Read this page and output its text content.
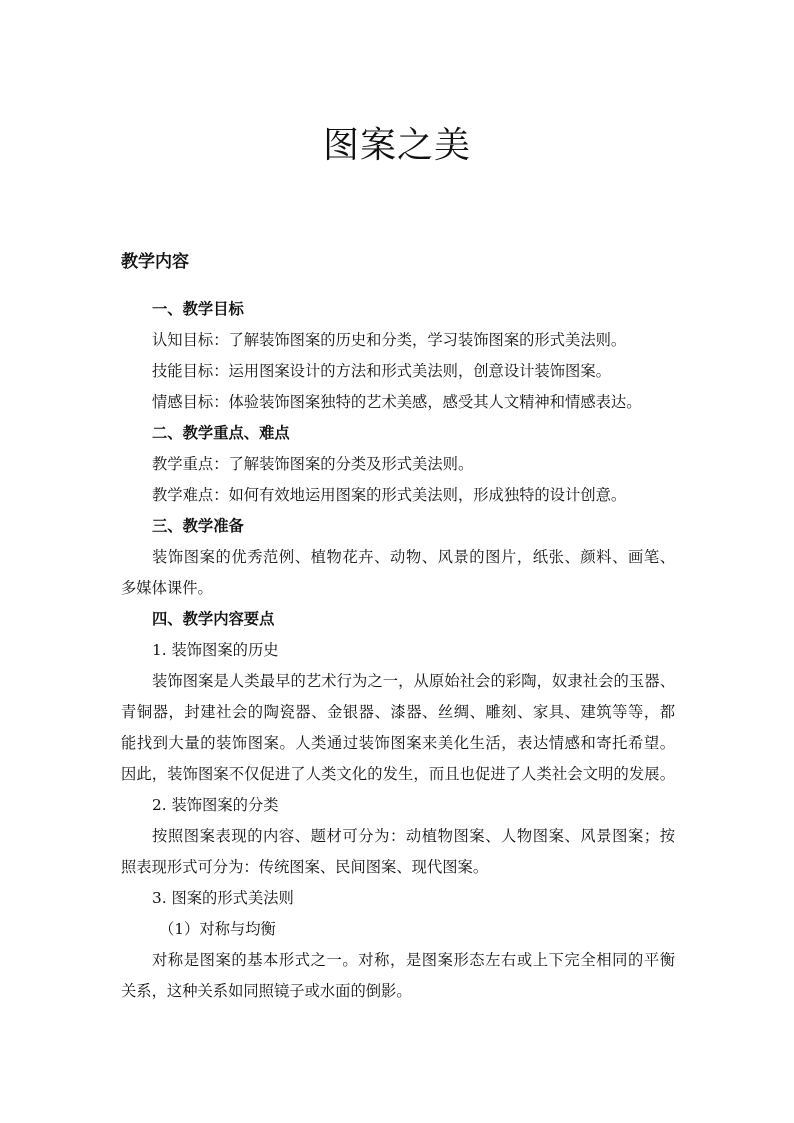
图案之美
教学内容
一、教学目标
认知目标：了解装饰图案的历史和分类，学习装饰图案的形式美法则。
技能目标：运用图案设计的方法和形式美法则，创意设计装饰图案。
情感目标：体验装饰图案独特的艺术美感，感受其人文精神和情感表达。
二、教学重点、难点
教学重点：了解装饰图案的分类及形式美法则。
教学难点：如何有效地运用图案的形式美法则，形成独特的设计创意。
三、教学准备
装饰图案的优秀范例、植物花卉、动物、风景的图片，纸张、颜料、画笔、
多媒体课件。
四、教学内容要点
1. 装饰图案的历史
装饰图案是人类最早的艺术行为之一，从原始社会的彩陶，奴隶社会的玉器、
青铜器，封建社会的陶瓷器、金银器、漆器、丝绸、雕刻、家具、建筑等等，都
能找到大量的装饰图案。人类通过装饰图案来美化生活，表达情感和寄托希望。
因此，装饰图案不仅促进了人类文化的发生，而且也促进了人类社会文明的发展。
2. 装饰图案的分类
按照图案表现的内容、题材可分为：动植物图案、人物图案、风景图案；按
照表现形式可分为：传统图案、民间图案、现代图案。
3. 图案的形式美法则
（1）对称与均衡
对称是图案的基本形式之一。对称，是图案形态左右或上下完全相同的平衡
关系，这种关系如同照镜子或水面的倒影。
